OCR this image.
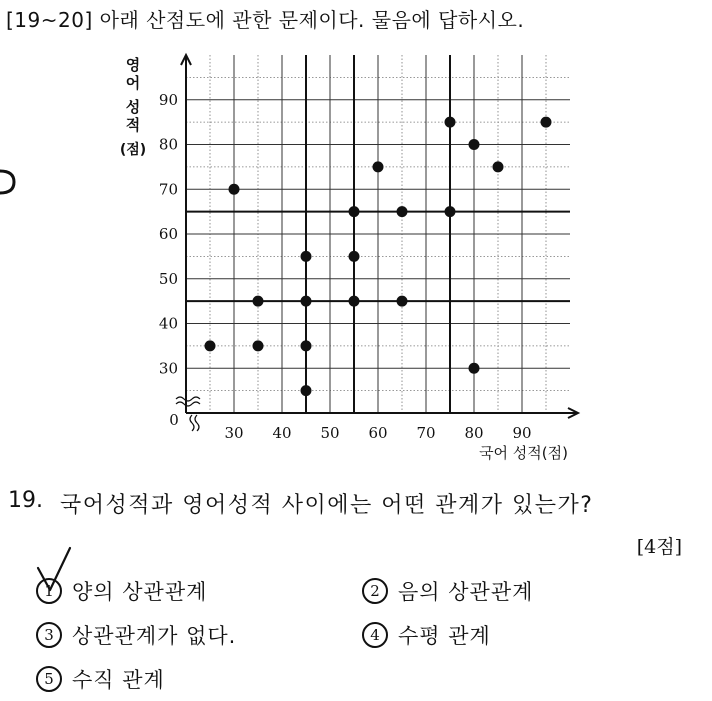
[19~20] 아래 산점도에 관한 문제이다. 물음에 답하시오.
30 40 50 60 70 80 90
30
40
50
60
70
80
90
0
국어 성적(점)
영
어
성
적
(점)
19. 국어성적과 영어성적 사이에는 어떤 관계가 있는가?
[4점]
1 양의 상관관계	2 음의 상관관계
3 상관관계가 없다.	4 수평 관계
5 수직 관계
